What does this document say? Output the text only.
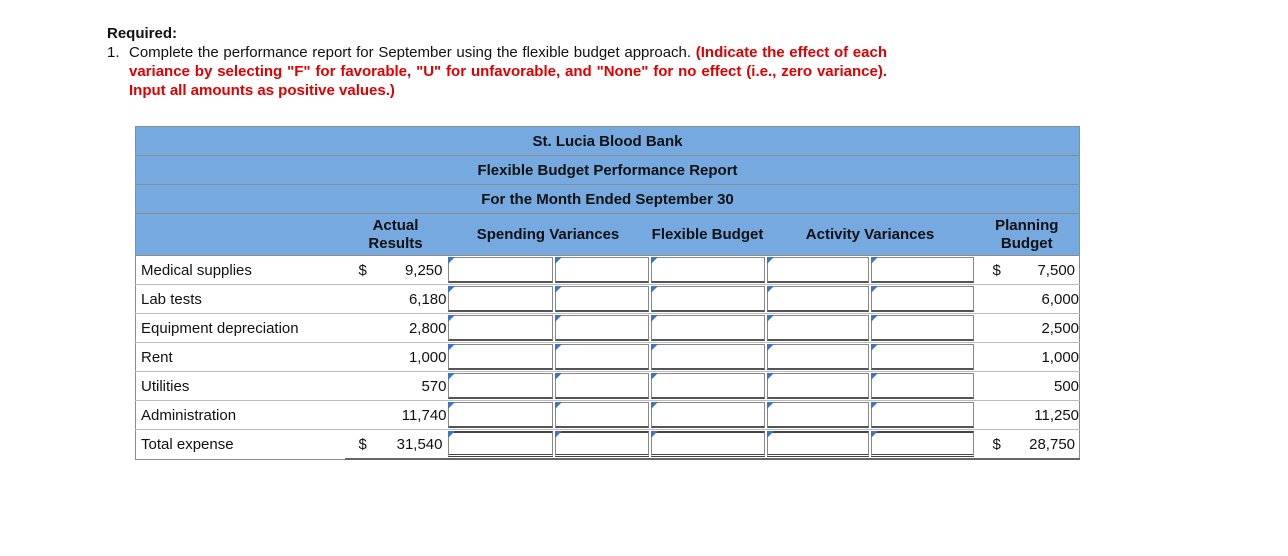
Required:
1. Complete the performance report for September using the flexible budget approach. (Indicate the effect of each variance by selecting "F" for favorable, "U" for unfavorable, and "None" for no effect (i.e., zero variance). Input all amounts as positive values.)
St. Lucia Blood Bank							
Flexible Budget Performance Report							
For the Month Ended September 30							
	Actual Results	Spending Variances		Flexible Budget	Activity Variances		Planning Budget
Medical supplies	$ 9,250						$ 7,500

Lab tests	6,180						6,000
Equipment depreciation	2,800						2,500
Rent	1,000						1,000
Utilities	570						500
Administration	11,740						11,250
Total expense	$ 31,540						$ 28,750
